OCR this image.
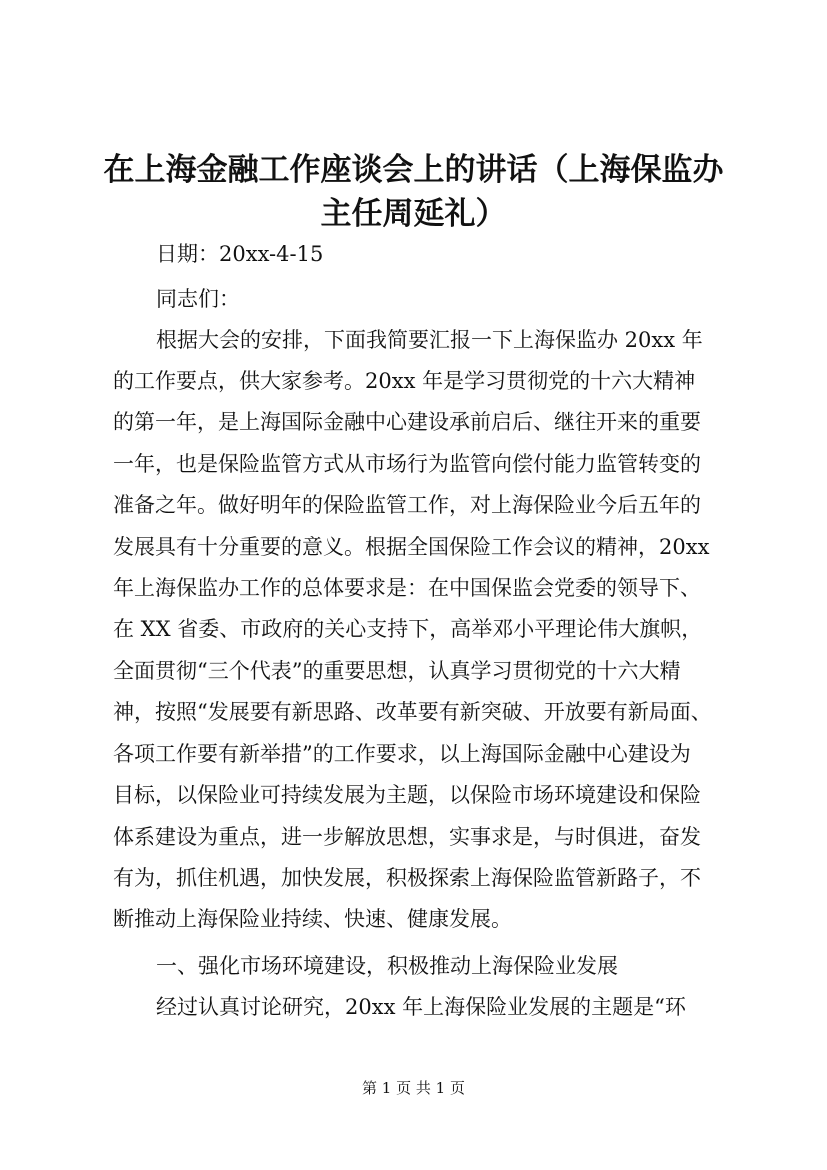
在上海金融工作座谈会上的讲话（上海保监办
主任周延礼）
日期：20xx-4-15
同志们：
根据大会的安排，下面我简要汇报一下上海保监办 20xx 年
的工作要点，供大家参考。20xx 年是学习贯彻党的十六大精神
的第一年，是上海国际金融中心建设承前启后、继往开来的重要
一年，也是保险监管方式从市场行为监管向偿付能力监管转变的
准备之年。做好明年的保险监管工作，对上海保险业今后五年的
发展具有十分重要的意义。根据全国保险工作会议的精神，20xx
年上海保监办工作的总体要求是：在中国保监会党委的领导下、
在 XX 省委、市政府的关心支持下，高举邓小平理论伟大旗帜，
全面贯彻“三个代表”的重要思想，认真学习贯彻党的十六大精
神，按照“发展要有新思路、改革要有新突破、开放要有新局面、
各项工作要有新举措”的工作要求，以上海国际金融中心建设为
目标，以保险业可持续发展为主题，以保险市场环境建设和保险
体系建设为重点，进一步解放思想，实事求是，与时俱进，奋发
有为，抓住机遇，加快发展，积极探索上海保险监管新路子，不
断推动上海保险业持续、快速、健康发展。
一、强化市场环境建设，积极推动上海保险业发展
经过认真讨论研究，20xx 年上海保险业发展的主题是“环
第 1 页 共 1 页
